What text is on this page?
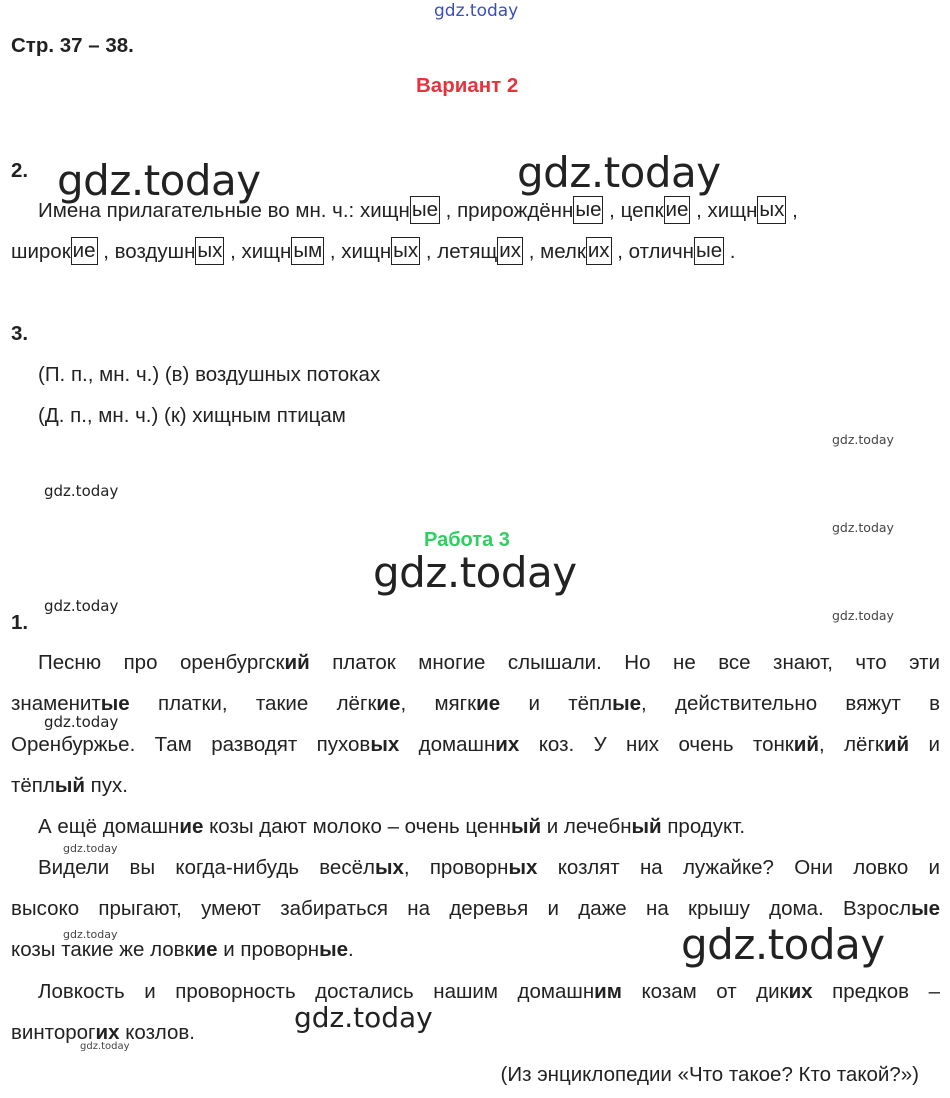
Стр. 37 – 38.
Вариант 2
2.
Имена прилагательные во мн. ч.: хищные , прирождённые , цепкие , хищных ,
широкие , воздушных , хищным , хищных , летящих , мелких , отличные .
3.
(П. п., мн. ч.) (в) воздушных потоках
(Д. п., мн. ч.) (к) хищным птицам
Работа 3
1.
Песню про оренбургский платок многие слышали. Но не все знают, что эти
знаменитые платки, такие лёгкие, мягкие и тёплые, действительно вяжут в
Оренбуржье. Там разводят пуховых домашних коз. У них очень тонкий, лёгкий и
тёплый пух.
А ещё домашние козы дают молоко – очень ценный и лечебный продукт.
Видели вы когда-нибудь весёлых, проворных козлят на лужайке? Они ловко и
высоко прыгают, умеют забираться на деревья и даже на крышу дома. Взрослые
козы такие же ловкие и проворные.
Ловкость и проворность достались нашим домашним козам от диких предков –
винторогих козлов.
(Из энциклопедии «Что такое? Кто такой?»)
gdz.today
gdz.today	gdz.today
gdz.today
gdz.today
gdz.today
gdz.today
gdz.today
gdz.today
gdz.today
gdz.today
gdz.today
gdz.today
gdz.today
gdz.today
